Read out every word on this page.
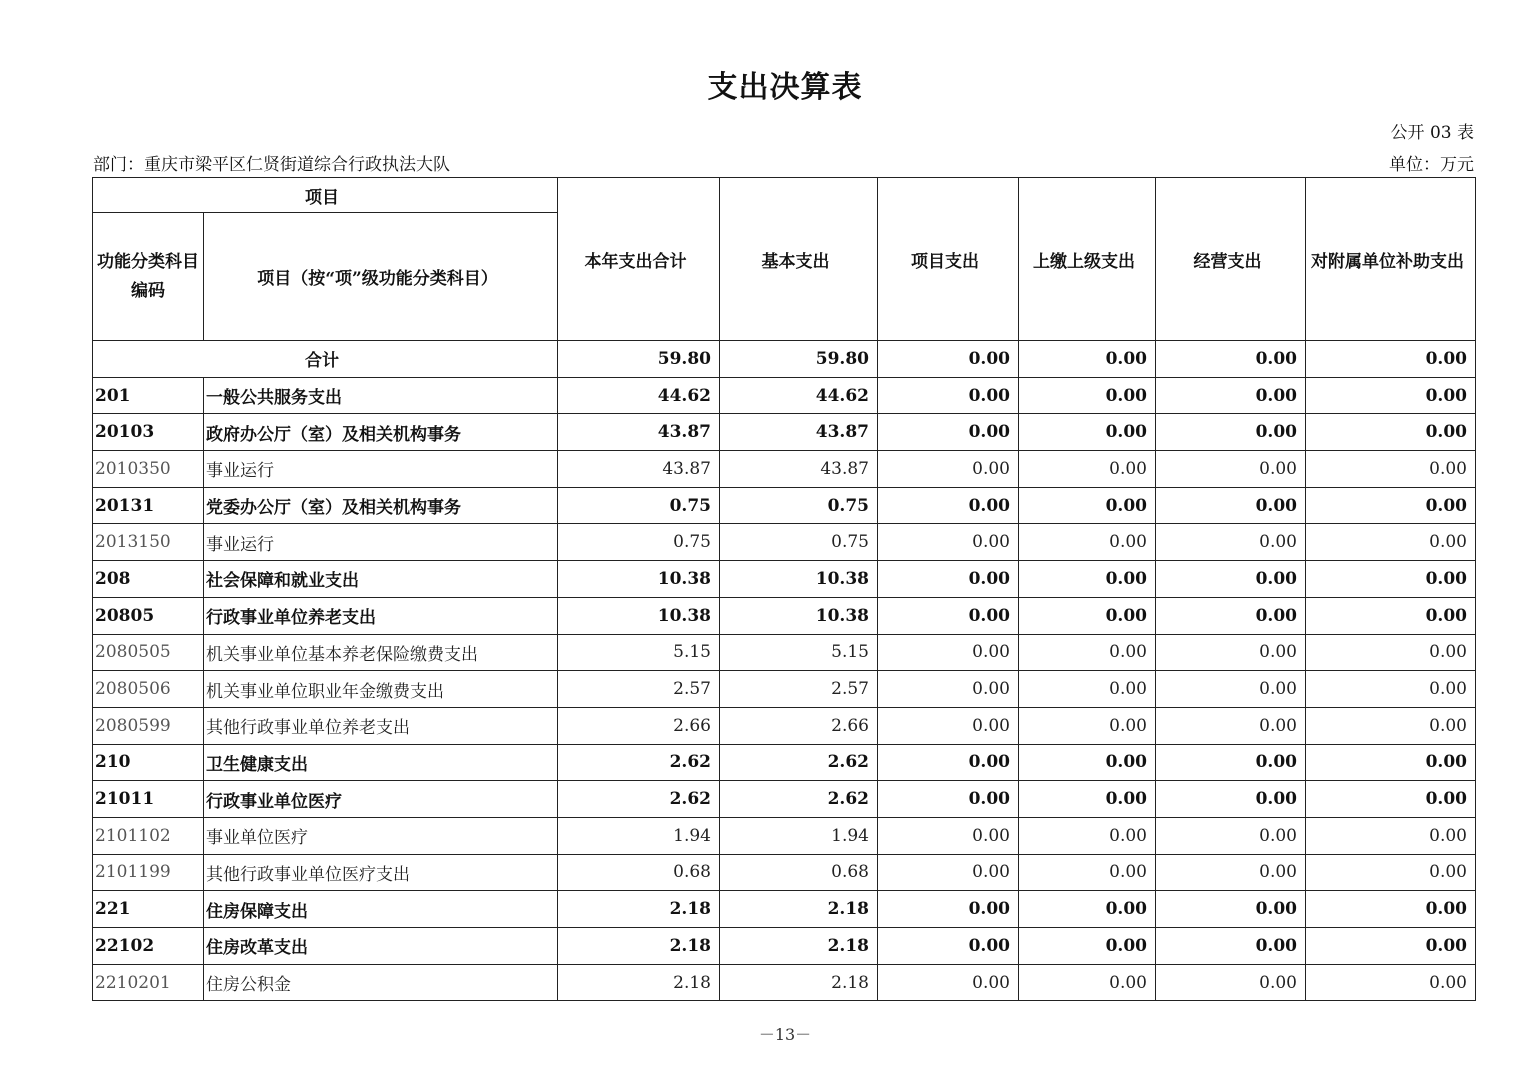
支出决算表
公开 03 表
部门：重庆市梁平区仁贤街道综合行政执法大队	单位：万元
项目		本年支出合计	基本支出	项目支出	上缴上级支出	经营支出	对附属单位补助支出
功能分类科目编码	项目（按“项”级功能分类科目）						
合计		59.80	59.80	0.00	0.00	0.00	0.00
201	一般公共服务支出	44.62	44.62	0.00	0.00	0.00	0.00
20103	政府办公厅（室）及相关机构事务	43.87	43.87	0.00	0.00	0.00	0.00
2010350	事业运行	43.87	43.87	0.00	0.00	0.00	0.00
20131	党委办公厅（室）及相关机构事务	0.75	0.75	0.00	0.00	0.00	0.00
2013150	事业运行	0.75	0.75	0.00	0.00	0.00	0.00
208	社会保障和就业支出	10.38	10.38	0.00	0.00	0.00	0.00
20805	行政事业单位养老支出	10.38	10.38	0.00	0.00	0.00	0.00
2080505	机关事业单位基本养老保险缴费支出	5.15	5.15	0.00	0.00	0.00	0.00
2080506	机关事业单位职业年金缴费支出	2.57	2.57	0.00	0.00	0.00	0.00
2080599	其他行政事业单位养老支出	2.66	2.66	0.00	0.00	0.00	0.00
210	卫生健康支出	2.62	2.62	0.00	0.00	0.00	0.00
21011	行政事业单位医疗	2.62	2.62	0.00	0.00	0.00	0.00
2101102	事业单位医疗	1.94	1.94	0.00	0.00	0.00	0.00
2101199	其他行政事业单位医疗支出	0.68	0.68	0.00	0.00	0.00	0.00
221	住房保障支出	2.18	2.18	0.00	0.00	0.00	0.00
22102	住房改革支出	2.18	2.18	0.00	0.00	0.00	0.00
2210201	住房公积金	2.18	2.18	0.00	0.00	0.00	0.00
－13－
